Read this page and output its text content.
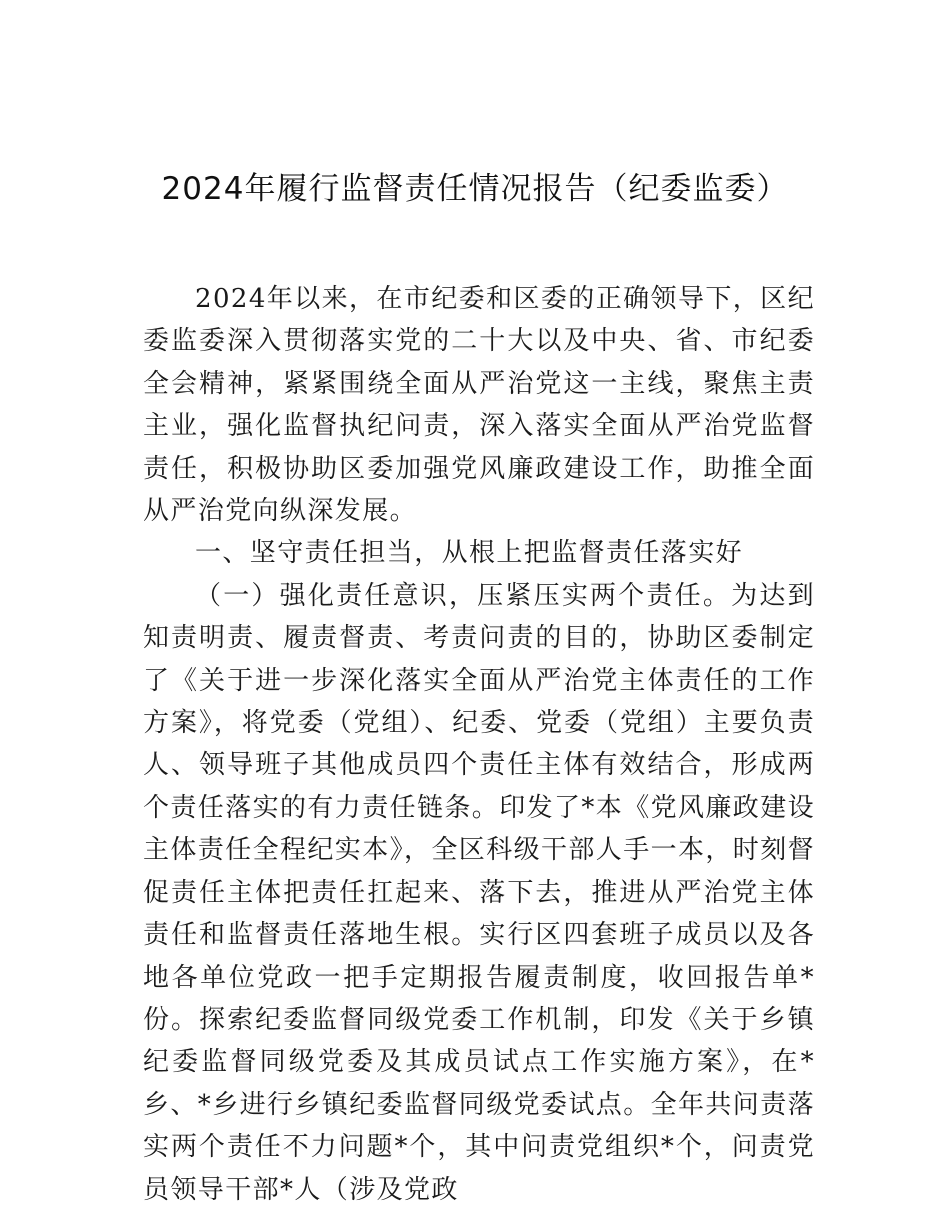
2024年履行监督责任情况报告（纪委监委）

2024年以来，在市纪委和区委的正确领导下，区纪委监委深入贯彻落实党的二十大以及中央、省、市纪委全会精神，紧紧围绕全面从严治党这一主线，聚焦主责主业，强化监督执纪问责，深入落实全面从严治党监督责任，积极协助区委加强党风廉政建设工作，助推全面从严治党向纵深发展。

一、坚守责任担当，从根上把监督责任落实好

（一）强化责任意识，压紧压实两个责任。为达到知责明责、履责督责、考责问责的目的，协助区委制定了《关于进一步深化落实全面从严治党主体责任的工作方案》，将党委（党组）、纪委、党委（党组）主要负责人、领导班子其他成员四个责任主体有效结合，形成两个责任落实的有力责任链条。印发了*本《党风廉政建设主体责任全程纪实本》，全区科级干部人手一本，时刻督促责任主体把责任扛起来、落下去，推进从严治党主体责任和监督责任落地生根。实行区四套班子成员以及各地各单位党政一把手定期报告履责制度，收回报告单*份。探索纪委监督同级党委工作机制，印发《关于乡镇纪委监督同级党委及其成员试点工作实施方案》，在*乡、*乡进行乡镇纪委监督同级党委试点。全年共问责落实两个责任不力问题*个，其中问责党组织*个，问责党员领导干部*人（涉及党政
